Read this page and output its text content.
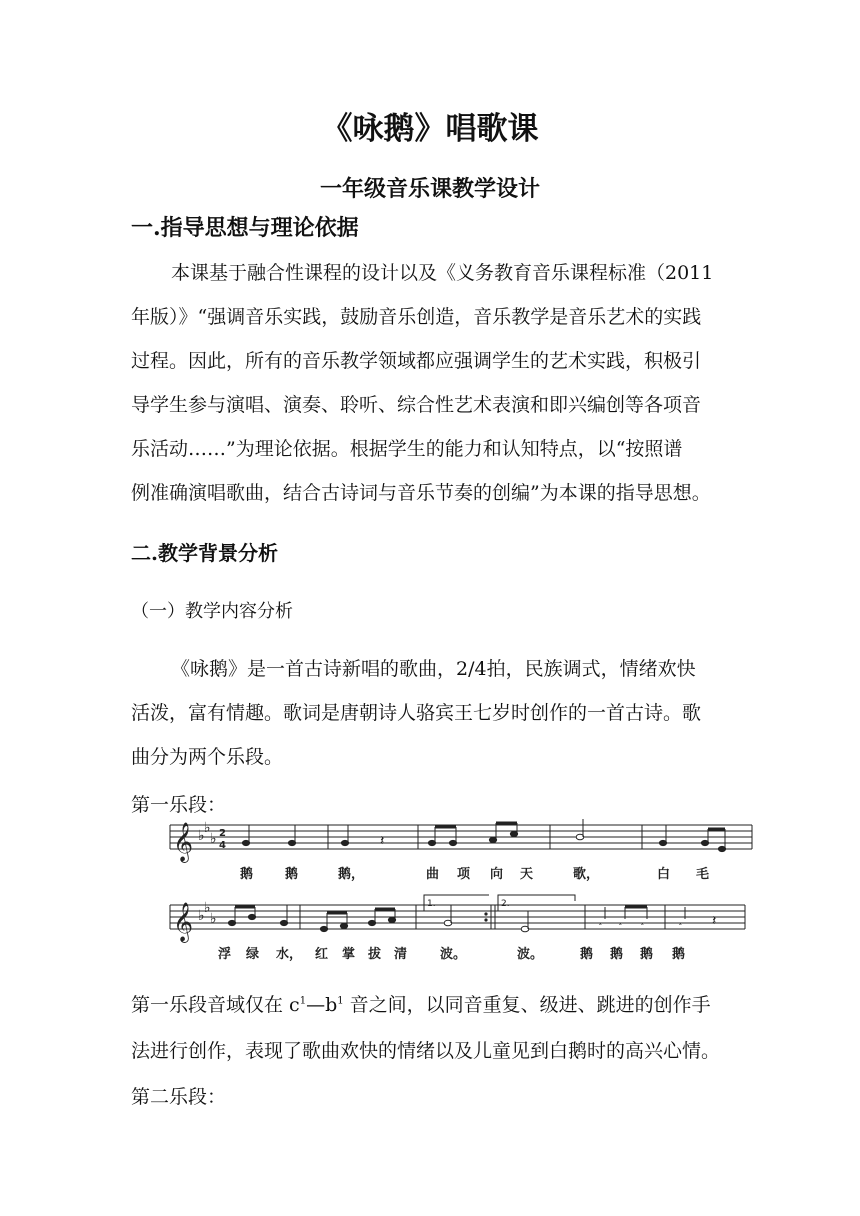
《咏鹅》唱歌课
一年级音乐课教学设计
一.指导思想与理论依据
本课基于融合性课程的设计以及《义务教育音乐课程标准（2011
年版）》“强调音乐实践，鼓励音乐创造，音乐教学是音乐艺术的实践
过程。因此，所有的音乐教学领域都应强调学生的艺术实践，积极引
导学生参与演唱、演奏、聆听、综合性艺术表演和即兴编创等各项音
乐活动……”为理论依据。根据学生的能力和认知特点，以“按照谱
例准确演唱歌曲，结合古诗词与音乐节奏的创编”为本课的指导思想。
二.教学背景分析
（一）教学内容分析
《咏鹅》是一首古诗新唱的歌曲，2/4拍，民族调式，情绪欢快
活泼，富有情趣。歌词是唐朝诗人骆宾王七岁时创作的一首古诗。歌
曲分为两个乐段。
第一乐段：
𝄞
𝄞
♭ ♭
♭
♭ ♭
♭
2
4
1.	2.
𝄽
𝅃 𝅃 𝅃	𝅃 𝄽
鹅 鹅	鹅，	曲 项 向 天	歌，	白 毛
浮 绿 水， 红 掌 拔 清	波。	波。	鹅 鹅 鹅 鹅
第一乐段音域仅在 $c^1—b^1$ 音之间，以同音重复、级进、跳进的创作手
法进行创作，表现了歌曲欢快的情绪以及儿童见到白鹅时的高兴心情。
第二乐段：
